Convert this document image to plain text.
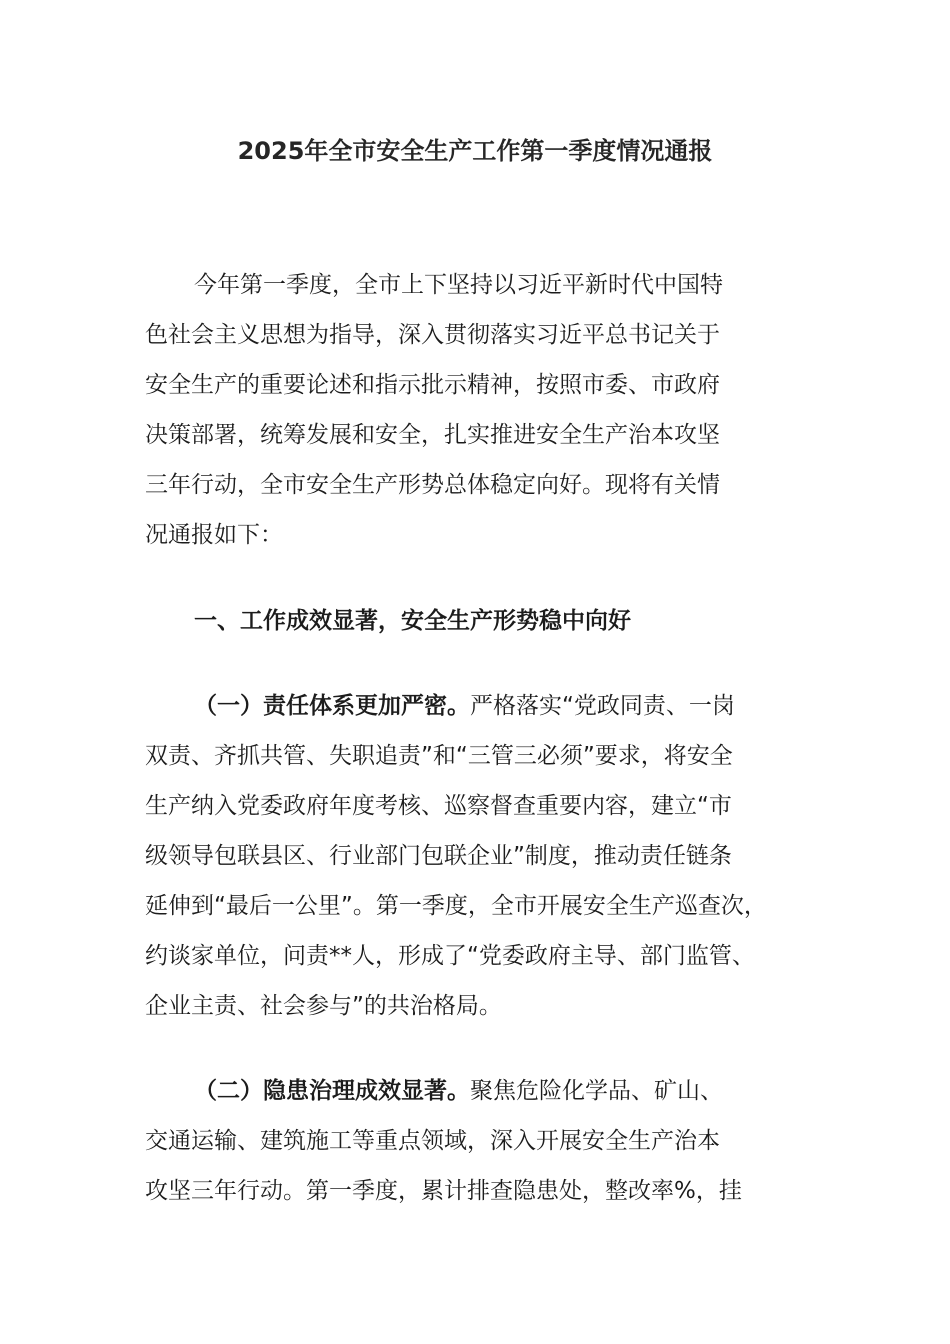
2025年全市安全生产工作第一季度情况通报

今年第一季度，全市上下坚持以习近平新时代中国特

色社会主义思想为指导，深入贯彻落实习近平总书记关于

安全生产的重要论述和指示批示精神，按照市委、市政府

决策部署，统筹发展和安全，扎实推进安全生产治本攻坚

三年行动，全市安全生产形势总体稳定向好。现将有关情

况通报如下：

一、工作成效显著，安全生产形势稳中向好

（一）责任体系更加严密。严格落实“党政同责、一岗

双责、齐抓共管、失职追责”和“三管三必须”要求，将安全

生产纳入党委政府年度考核、巡察督查重要内容，建立“市

级领导包联县区、行业部门包联企业”制度，推动责任链条

延伸到“最后一公里”。第一季度，全市开展安全生产巡查次，

约谈家单位，问责**人，形成了“党委政府主导、部门监管、

企业主责、社会参与”的共治格局。

（二）隐患治理成效显著。聚焦危险化学品、矿山、

交通运输、建筑施工等重点领域，深入开展安全生产治本

攻坚三年行动。第一季度，累计排查隐患处，整改率%，挂
